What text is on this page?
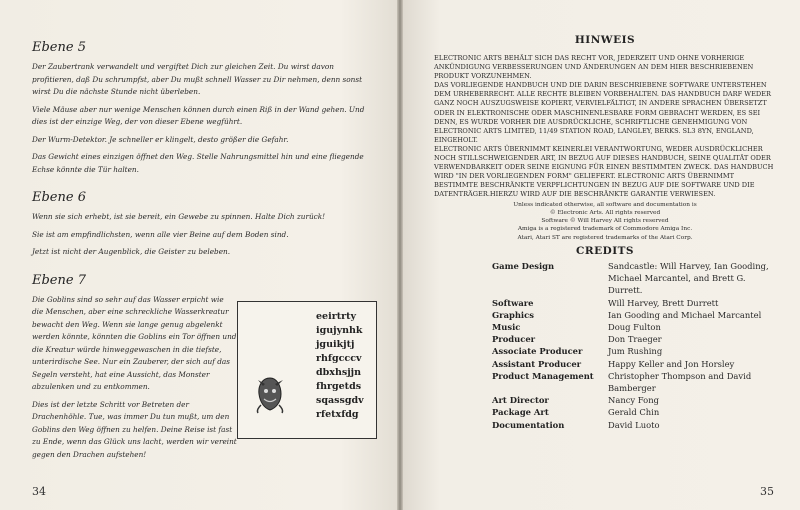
Ebene 5

Der Zaubertrank verwandelt und vergiftet Dich zur gleichen Zeit. Du wirst davon profitieren, daß Du schrumpfst, aber Du mußt schnell Wasser zu Dir nehmen, denn sonst wirst Du die nächste Stunde nicht überleben.

Viele Mäuse aber nur wenige Menschen können durch einen Riß in der Wand gehen. Und dies ist der einzige Weg, der von dieser Ebene wegführt.

Der Wurm-Detektor. Je schneller er klingelt, desto größer die Gefahr.

Das Gewicht eines einzigen öffnet den Weg. Stelle Nahrungsmittel hin und eine fliegende Echse könnte die Tür halten.

Ebene 6

Wenn sie sich erhebt, ist sie bereit, ein Gewebe zu spinnen. Halte Dich zurück!

Sie ist am empfindlichsten, wenn alle vier Beine auf dem Boden sind.

Jetzt ist nicht der Augenblick, die Geister zu beleben.

Ebene 7

Die Goblins sind so sehr auf das Wasser erpicht wie die Menschen, aber eine schreckliche Wasserkreatur bewacht den Weg. Wenn sie lange genug abgelenkt werden könnte, könnten die Goblins ein Tor öffnen und die Kreatur würde hinweggewaschen in die tiefste, unterirdische See. Nur ein Zauberer, der sich auf das Segeln versteht, hat eine Aussicht, das Monster abzulenken und zu entkommen.

Dies ist der letzte Schritt vor Betreten der Drachenhöhle. Tue, was immer Du tun mußt, um den Goblins den Weg öffnen zu helfen. Deine Reise ist fast zu Ende, wenn das Glück uns lacht, werden wir vereint gegen den Drachen aufstehen!

eeirtrty
igujynhk
jguikjtj
rhfgcccv
dbxhsjjn
fhrgetds
sqassgdv
rfetxfdg
34
HINWEIS

ELECTRONIC ARTS BEHÄLT SICH DAS RECHT VOR, JEDERZEIT UND OHNE VORHERIGE ANKÜNDIGUNG VERBESSERUNGEN UND ÄNDERUNGEN AN DEM HIER BESCHRIEBENEN PRODUKT VORZUNEHMEN.

DAS VORLIEGENDE HANDBUCH UND DIE DARIN BESCHRIEBENE SOFTWARE UNTERSTEHEN DEM URHEBERRECHT. ALLE RECHTE BLEIBEN VORBEHALTEN. DAS HANDBUCH DARF WEDER GANZ NOCH AUSZUGSWEISE KOPIERT, VERVIELFÄLTIGT, IN ANDERE SPRACHEN ÜBERSETZT ODER IN ELEKTRONISCHE ODER MASCHINENLESBARE FORM GEBRACHT WERDEN, ES SEI DENN, ES WURDE VORHER DIE AUSDRÜCKLICHE, SCHRIFTLICHE GENEHMIGUNG VON ELECTRONIC ARTS LIMITED, 11/49 STATION ROAD, LANGLEY, BERKS. SL3 8YN, ENGLAND, EINGEHOLT.

ELECTRONIC ARTS ÜBERNIMMT KEINERLEI VERANTWORTUNG, WEDER AUSDRÜCKLICHER NOCH STILLSCHWEIGENDER ART, IN BEZUG AUF DIESES HANDBUCH, SEINE QUALITÄT ODER VERWENDBARKEIT ODER SEINE EIGNUNG FÜR EINEN BESTIMMTEN ZWECK. DAS HANDBUCH WIRD "IN DER VORLIEGENDEN FORM" GELIEFERT. ELECTRONIC ARTS ÜBERNIMMT BESTIMMTE BESCHRÄNKTE VERPFLICHTUNGEN IN BEZUG AUF DIE SOFTWARE UND DIE DATENTRÄGER.HIERZU WIRD AUF DIE BESCHRÄNKTE GARANTIE VERWIESEN.

Unless indicated otherwise, all software and documentation is

© Electronic Arts. All rights reserved

Software © Will Harvey All rights reserved

Amiga is a registered trademark of Commodore Amiga Inc.

Atari, Atari ST are registered trademarks of the Atari Corp.

CREDITS
Game Design	Sandcastle: Will Harvey, Ian Gooding, Michael Marcantel, and Brett G. Durrett.
Software	Will Harvey, Brett Durrett
Graphics	Ian Gooding and Michael Marcantel
Music	Doug Fulton
Producer	Don Traeger
Associate Producer	Jum Rushing
Assistant Producer	Happy Keller and Jon Horsley
Product Management	Christopher Thompson and David Bamberger
Art Director	Nancy Fong
Package Art	Gerald Chin
Documentation	David Luoto
35
